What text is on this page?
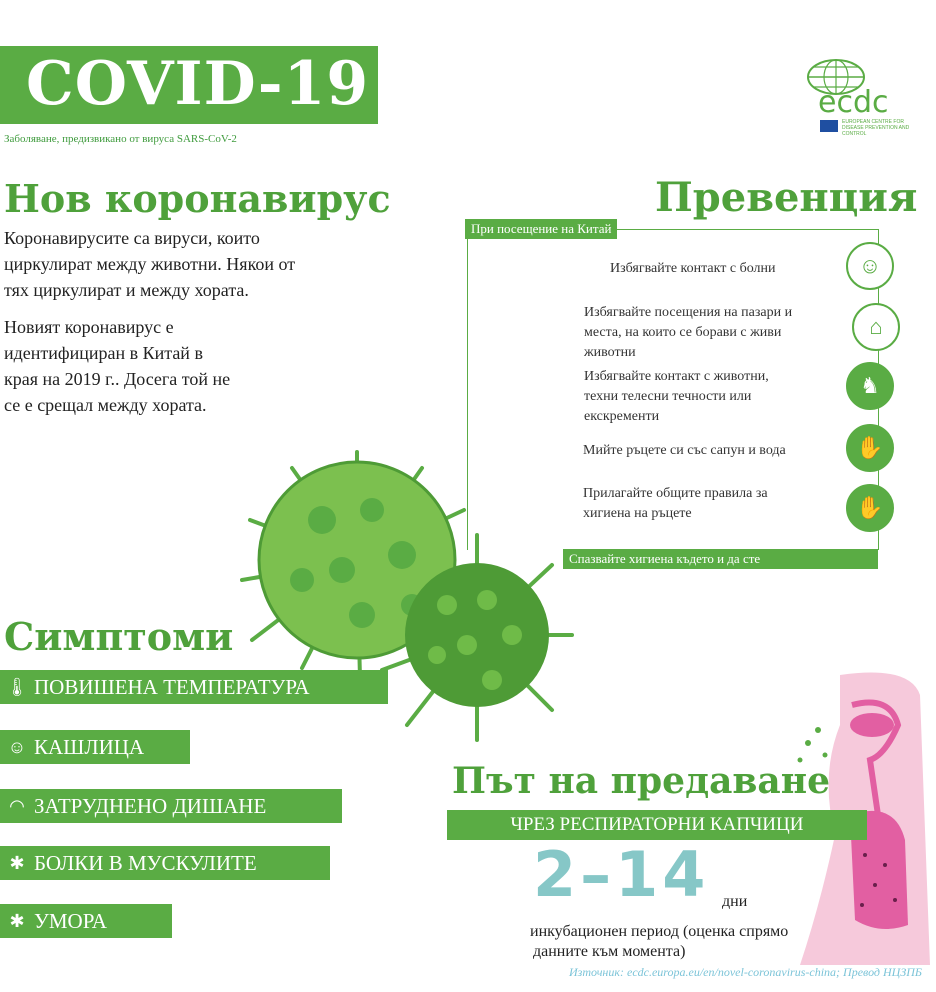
COVID-19
Заболяване, предизвикано от вируса SARS-CoV-2
ecdc
EUROPEAN CENTRE FOR DISEASE PREVENTION AND CONTROL
Нов коронавирус
Коронавирусите са вируси, които
циркулират между животни. Някои от
тях циркулират и между хората.
Новият коронавирус е
идентифициран в Китай в
края на 2019 г.. Досега той не
се е срещал между хората.
Превенция
При посещение на Китай
Спазвайте хигиена където и да сте
Избягвайте контакт с болни	☺
Избягвайте посещения на пазари и
места, на които се борави с живи
животни
⌂
Избягвайте контакт с животни,
техни телесни течности или
екскременти
♞
Мийте ръцете си със сапун и вода	✋
Прилагайте общите правила за
хигиена на ръцете	✋
Симптоми
🌡 ПОВИШЕНА ТЕМПЕРАТУРА
☺ КАШЛИЦА
◠ ЗАТРУДНЕНО ДИШАНЕ
✱ БОЛКИ В МУСКУЛИТЕ
✱ УМОРА
Път на предаване
ЧРЕЗ РЕСПИРАТОРНИ КАПЧИЦИ
2–14 дни
инкубационен период (оценка спрямо
данните към момента)
Източник: ecdc.europa.eu/en/novel-coronavirus-china; Превод НЦЗПБ
